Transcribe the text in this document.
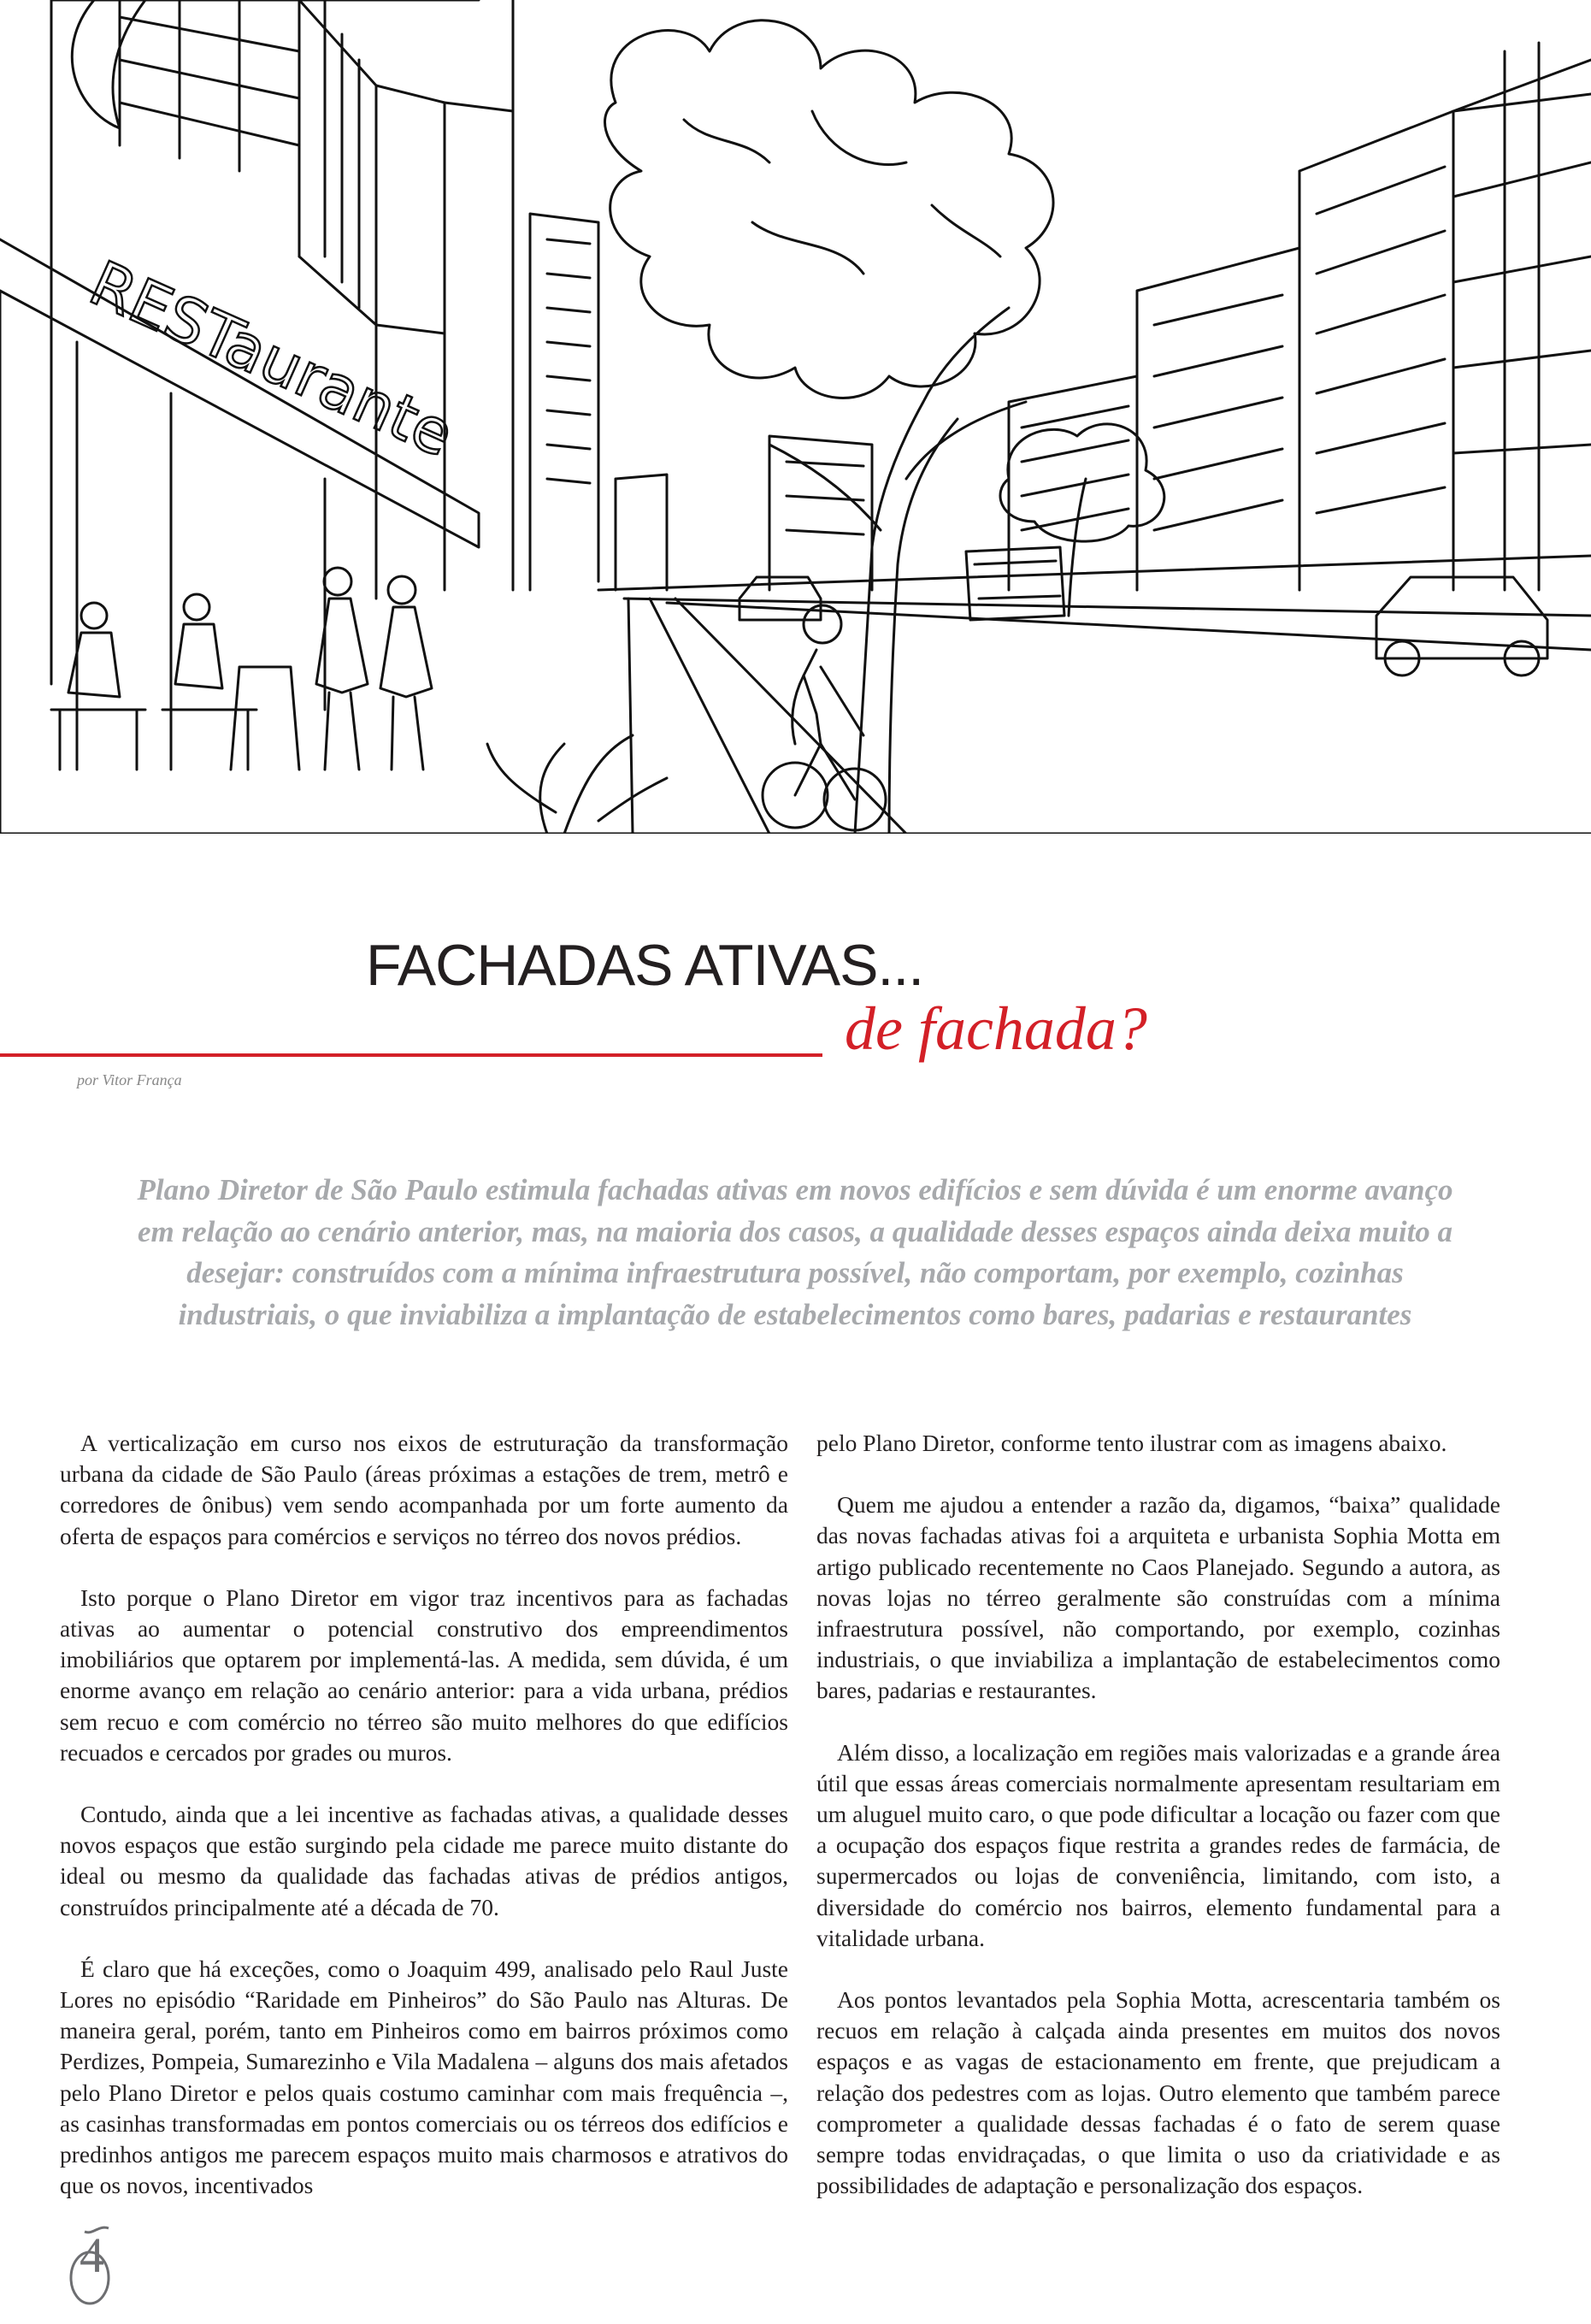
RESTaurante
FACHADAS ATIVAS...
de fachada?
por Vitor França

Plano Diretor de São Paulo estimula fachadas ativas em novos edifícios e sem dúvida é um enorme avanço em relação ao cenário anterior, mas, na maioria dos casos, a qualidade desses espaços ainda deixa muito a desejar: construídos com a mínima infraestrutura possível, não comportam, por exemplo, cozinhas industriais, o que inviabiliza a implantação de estabelecimentos como bares, padarias e restaurantes

A verticalização em curso nos eixos de estruturação da transformação urbana da cidade de São Paulo (áreas próximas a estações de trem, metrô e corredores de ônibus) vem sendo acompanhada por um forte aumento da oferta de espaços para comércios e serviços no térreo dos novos prédios.

Isto porque o Plano Diretor em vigor traz incentivos para as fachadas ativas ao aumentar o potencial construtivo dos empreendimentos imobiliários que optarem por implementá-las. A medida, sem dúvida, é um enorme avanço em relação ao cenário anterior: para a vida urbana, prédios sem recuo e com comércio no térreo são muito melhores do que edifícios recuados e cercados por grades ou muros.

Contudo, ainda que a lei incentive as fachadas ativas, a qualidade desses novos espaços que estão surgindo pela cidade me parece muito distante do ideal ou mesmo da qualidade das fachadas ativas de prédios antigos, construídos principalmente até a década de 70.

É claro que há exceções, como o Joaquim 499, analisado pelo Raul Juste Lores no episódio “Raridade em Pinheiros” do São Paulo nas Alturas. De maneira geral, porém, tanto em Pinheiros como em bairros próximos como Perdizes, Pompeia, Sumarezinho e Vila Madalena – alguns dos mais afetados pelo Plano Diretor e pelos quais costumo caminhar com mais frequência –, as casinhas transformadas em pontos comerciais ou os térreos dos edifícios e predinhos antigos me parecem espaços muito mais charmosos e atrativos do que os novos, incentivados

pelo Plano Diretor, conforme tento ilustrar com as imagens abaixo.

Quem me ajudou a entender a razão da, digamos, “baixa” qualidade das novas fachadas ativas foi a arquiteta e urbanista Sophia Motta em artigo publicado recentemente no Caos Planejado. Segundo a autora, as novas lojas no térreo geralmente são construídas com a mínima infraestrutura possível, não comportando, por exemplo, cozinhas industriais, o que inviabiliza a implantação de estabelecimentos como bares, padarias e restaurantes.

Além disso, a localização em regiões mais valorizadas e a grande área útil que essas áreas comerciais normalmente apresentam resultariam em um aluguel muito caro, o que pode dificultar a locação ou fazer com que a ocupação dos espaços fique restrita a grandes redes de farmácia, de supermercados ou lojas de conveniência, limitando, com isto, a diversidade do comércio nos bairros, elemento fundamental para a vitalidade urbana.

Aos pontos levantados pela Sophia Motta, acrescentaria também os recuos em relação à calçada ainda presentes em muitos dos novos espaços e as vagas de estacionamento em frente, que prejudicam a relação dos pedestres com as lojas. Outro elemento que também parece comprometer a qualidade dessas fachadas é o fato de serem quase sempre todas envidraçadas, o que limita o uso da criatividade e as possibilidades de adaptação e personalização dos espaços.

4
